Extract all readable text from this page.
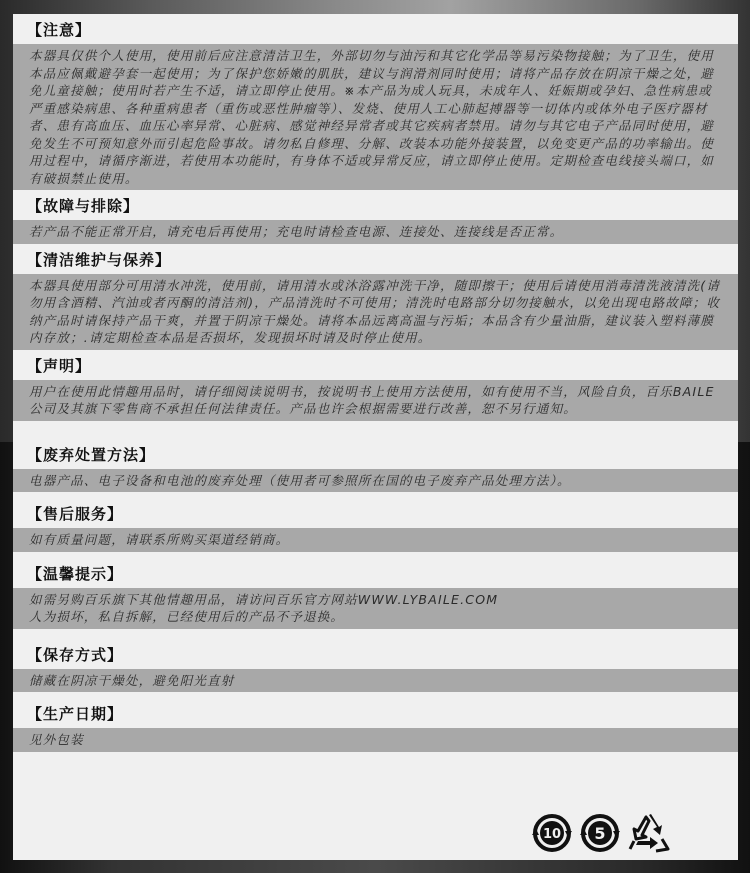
【注意】

本器具仅供个人使用，使用前后应注意清洁卫生，外部切勿与油污和其它化学品等易污染物接触；为了卫生，使用本品应佩戴避孕套一起使用；为了保护您娇嫩的肌肤，建议与润滑剂同时使用；请将产品存放在阴凉干燥之处，避免儿童接触；使用时若产生不适，请立即停止使用。※本产品为成人玩具，未成年人、妊娠期或孕妇、急性病患或严重感染病患、各种重病患者（重伤或恶性肿瘤等）、发烧、使用人工心肺起搏器等一切体内或体外电子医疗器材者、患有高血压、血压心率异常、心脏病、感觉神经异常者或其它疾病者禁用。请勿与其它电子产品同时使用，避免发生不可预知意外而引起危险事故。请勿私自修理、分解、改装本功能外接装置，以免变更产品的功率输出。使用过程中，请循序渐进，若使用本功能时，有身体不适或异常反应，请立即停止使用。定期检查电线接头端口，如有破损禁止使用。

【故障与排除】

若产品不能正常开启，请充电后再使用；充电时请检查电源、连接处、连接线是否正常。

【清洁维护与保养】

本器具使用部分可用清水冲洗，使用前，请用清水或沐浴露冲洗干净，随即擦干；使用后请使用消毒清洗液清洗(请勿用含酒精、汽油或者丙酮的清洁剂)，产品清洗时不可使用；清洗时电路部分切勿接触水，以免出现电路故障；收纳产品时请保持产品干爽，并置于阴凉干燥处。请将本品远离高温与污垢；本品含有少量油脂，建议装入塑料薄膜内存放；.请定期检查本品是否损坏，发现损坏时请及时停止使用。

【声明】

用户在使用此情趣用品时，请仔细阅读说明书，按说明书上使用方法使用，如有使用不当，风险自负，百乐BAILE公司及其旗下零售商不承担任何法律责任。产品也许会根据需要进行改善，恕不另行通知。

【废弃处置方法】

电器产品、电子设备和电池的废弃处理（使用者可参照所在国的电子废弃产品处理方法）。

【售后服务】

如有质量问题，请联系所购买渠道经销商。

【温馨提示】

如需另购百乐旗下其他情趣用品，请访问百乐官方网站WWW.LYBAILE.COM

人为损坏，私自拆解，已经使用后的产品不予退换。

【保存方式】

储藏在阴凉干燥处，避免阳光直射

【生产日期】

见外包装

10 5
